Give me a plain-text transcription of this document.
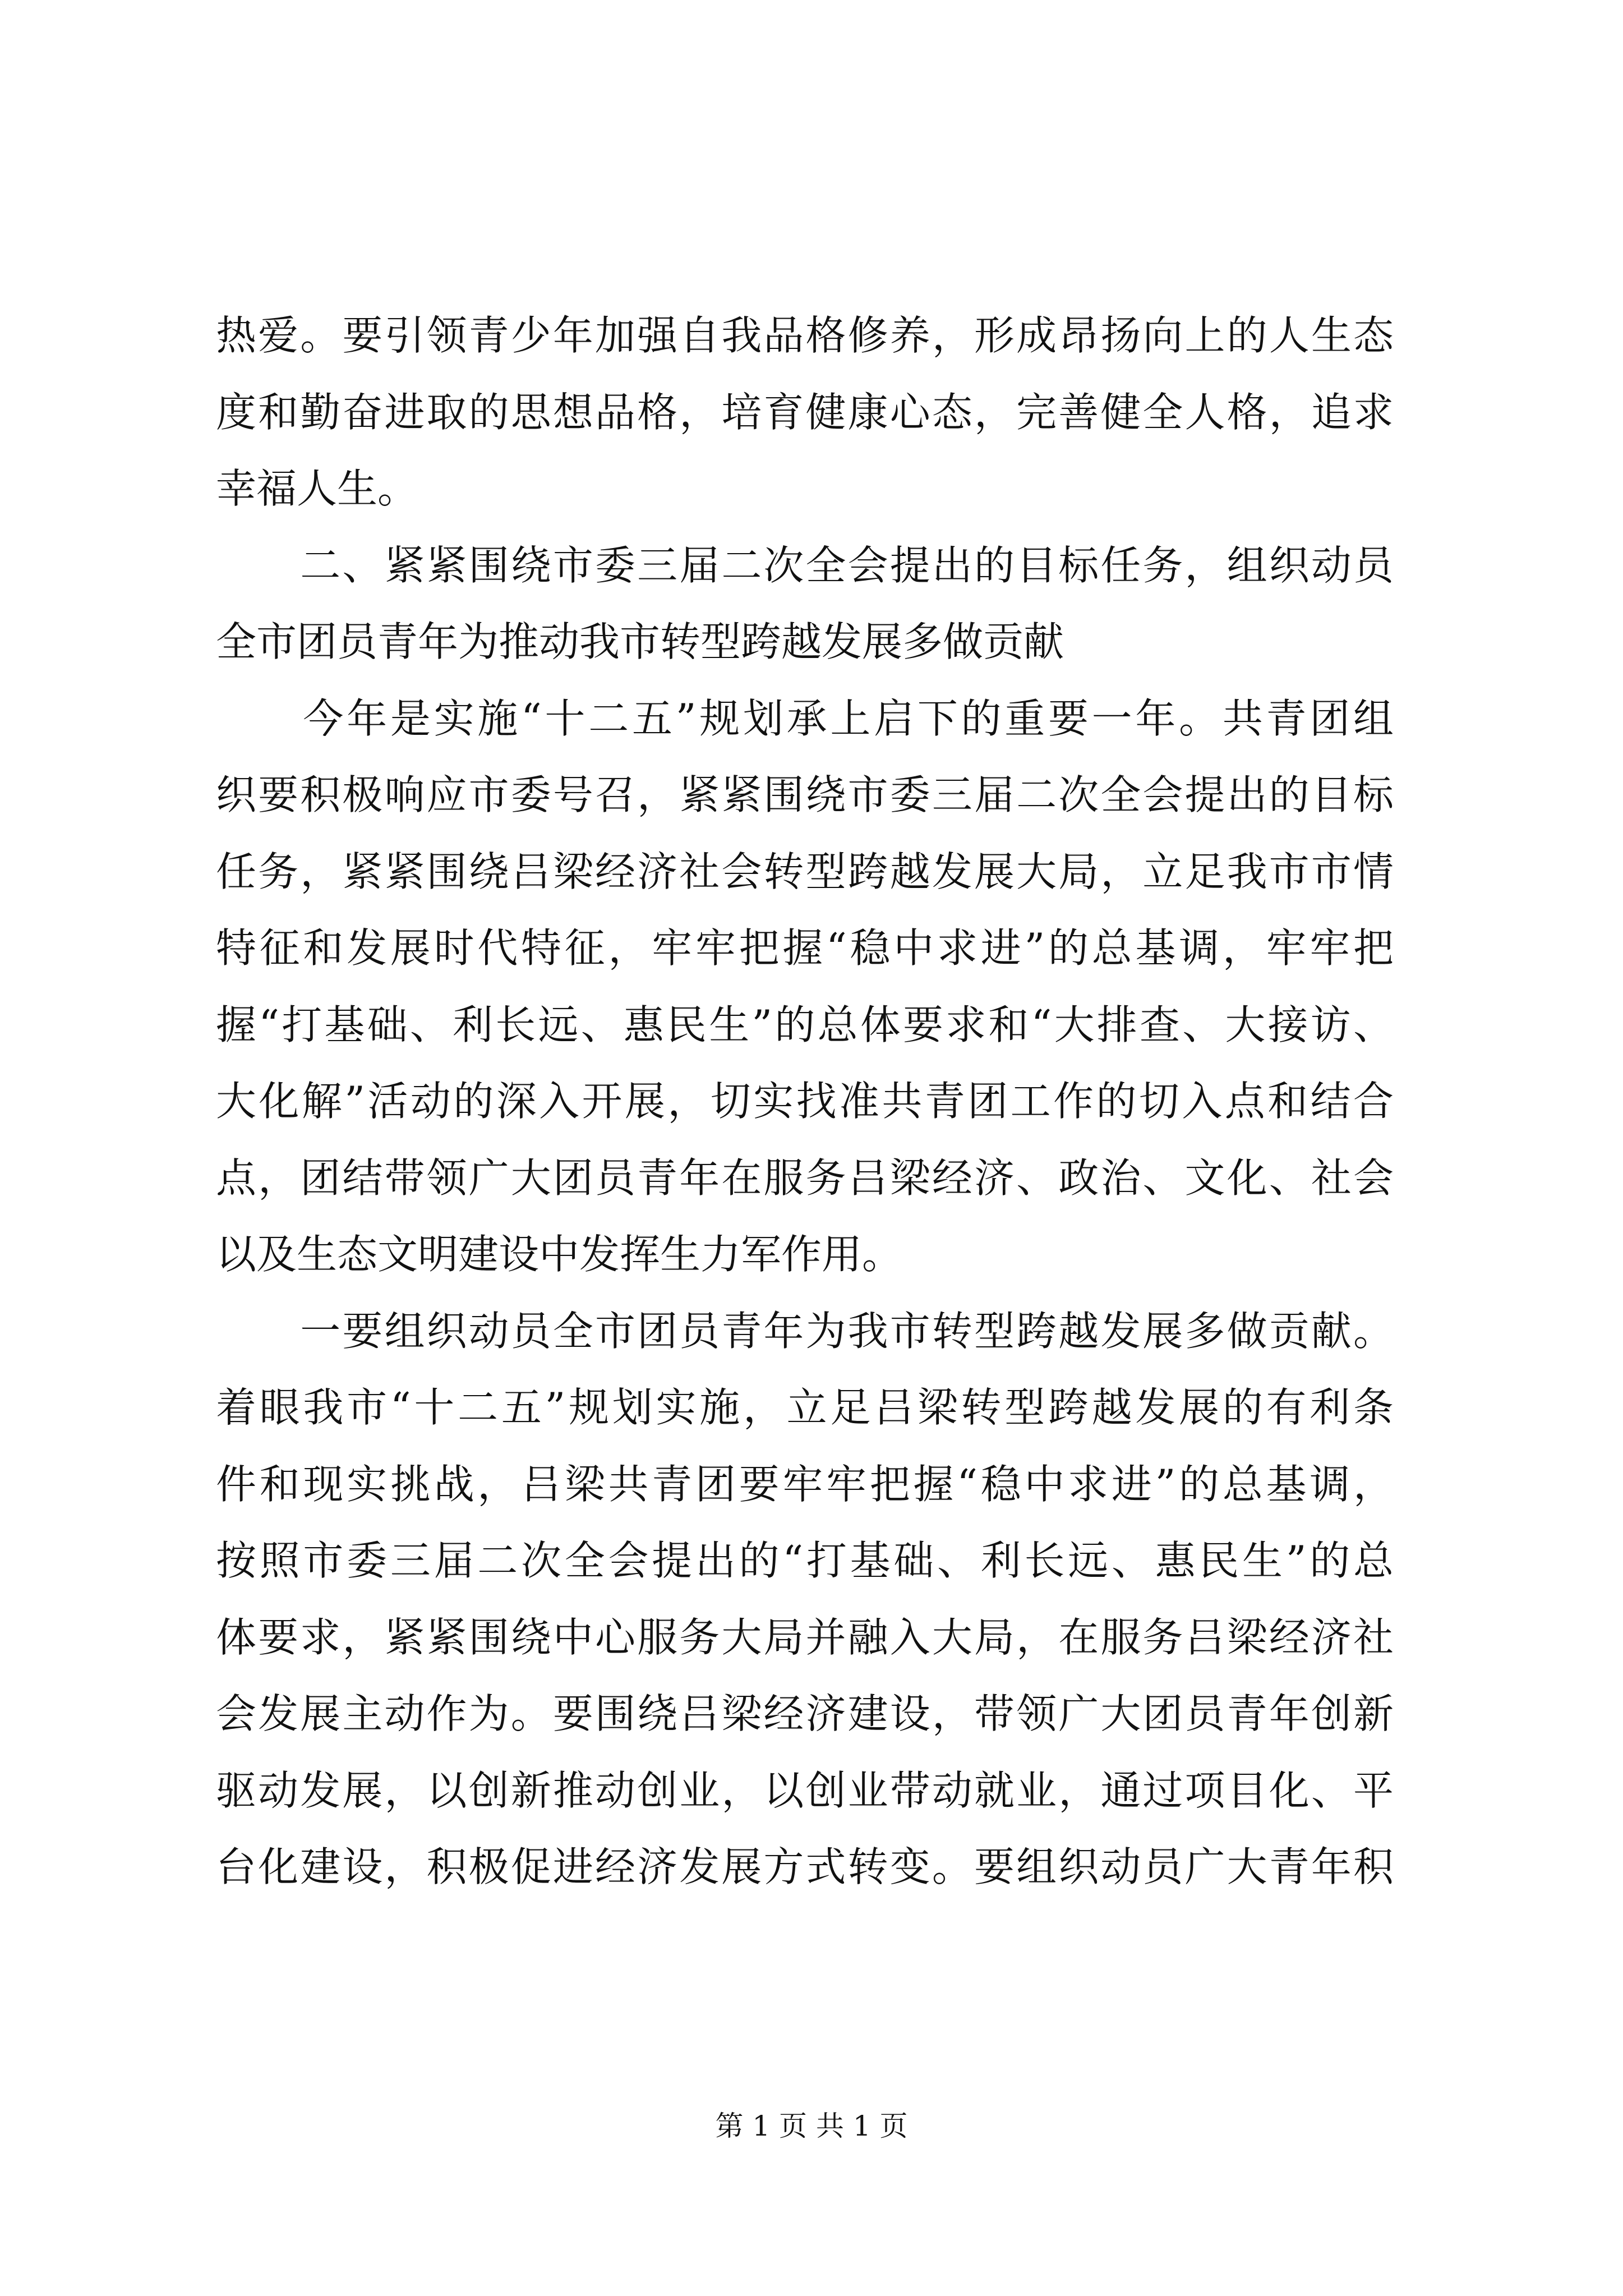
热爱。要引领青少年加强自我品格修养，形成昂扬向上的人生态
度和勤奋进取的思想品格，培育健康心态，完善健全人格，追求
幸福人生。
　　二、紧紧围绕市委三届二次全会提出的目标任务，组织动员
全市团员青年为推动我市转型跨越发展多做贡献
　　今年是实施“十二五”规划承上启下的重要一年。共青团组
织要积极响应市委号召，紧紧围绕市委三届二次全会提出的目标
任务，紧紧围绕吕梁经济社会转型跨越发展大局，立足我市市情
特征和发展时代特征，牢牢把握“稳中求进”的总基调，牢牢把
握“打基础、利长远、惠民生”的总体要求和“大排查、大接访、
大化解”活动的深入开展，切实找准共青团工作的切入点和结合
点，团结带领广大团员青年在服务吕梁经济、政治、文化、社会
以及生态文明建设中发挥生力军作用。
　　一要组织动员全市团员青年为我市转型跨越发展多做贡献。
着眼我市“十二五”规划实施，立足吕梁转型跨越发展的有利条
件和现实挑战，吕梁共青团要牢牢把握“稳中求进”的总基调，
按照市委三届二次全会提出的“打基础、利长远、惠民生”的总
体要求，紧紧围绕中心服务大局并融入大局，在服务吕梁经济社
会发展主动作为。要围绕吕梁经济建设，带领广大团员青年创新
驱动发展，以创新推动创业，以创业带动就业，通过项目化、平
台化建设，积极促进经济发展方式转变。要组织动员广大青年积
第 1 页 共 1 页
